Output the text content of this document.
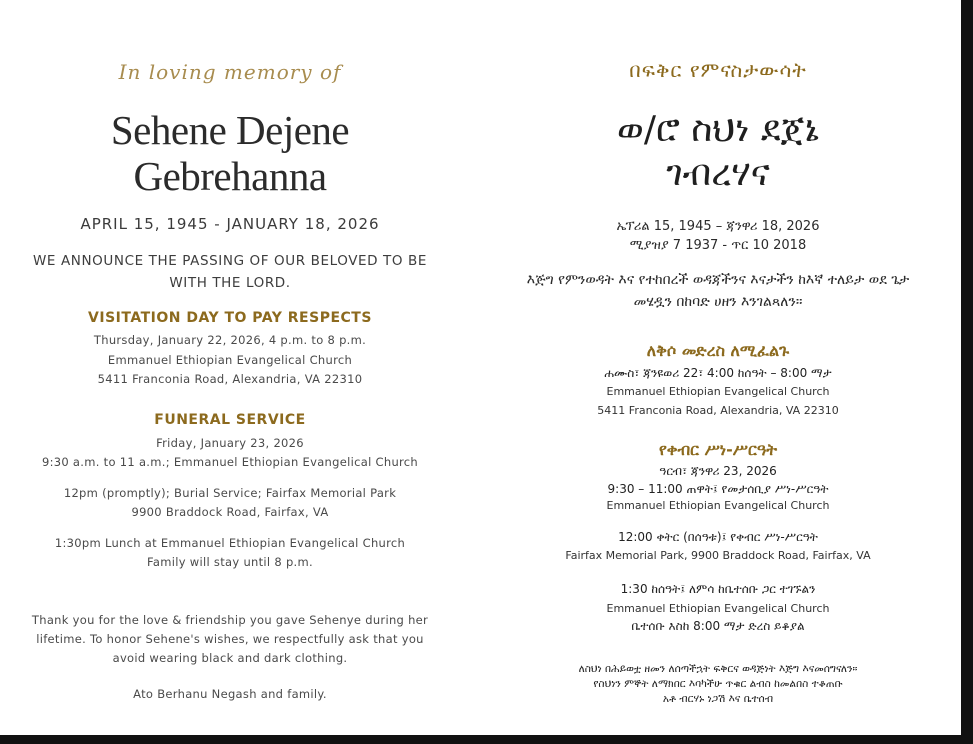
In loving memory of
Sehene Dejene
Gebrehanna
APRIL 15, 1945 - JANUARY 18, 2026
WE ANNOUNCE THE PASSING OF OUR BELOVED TO BE WITH THE LORD.
VISITATION DAY TO PAY RESPECTS
Thursday, January 22, 2026, 4 p.m. to 8 p.m.
Emmanuel Ethiopian Evangelical Church
5411 Franconia Road, Alexandria, VA 22310
FUNERAL SERVICE
Friday, January 23, 2026
9:30 a.m. to 11 a.m.; Emmanuel Ethiopian Evangelical Church
12pm (promptly); Burial Service; Fairfax Memorial Park
9900 Braddock Road, Fairfax, VA
1:30pm Lunch at Emmanuel Ethiopian Evangelical Church
Family will stay until 8 p.m.
Thank you for the love & friendship you gave Sehenye during her lifetime. To honor Sehene's wishes, we respectfully ask that you avoid wearing black and dark clothing.
Ato Berhanu Negash and family.
በፍቅር የምናስታውሳት
ወ/ሮ ስህነ ደጀኔ
ገብረሃና
ኤፕሪል 15, 1945 – ጃንዋሪ 18, 2026
ሚያዝያ 7 1937 - ጥር 10 2018
እጅግ የምንወዳት እና የተከበረች ወዳጃችንና እናታችን ከእኛ ተለይታ ወደ ጌታ መሄዷን በከባድ ሀዘን እንገልጻለን።
ለቅሶ መድረስ ለሚፈልጉ
ሐሙስ፣ ጃንዩወሪ 22፣ 4:00 ከሰዓት – 8:00 ማታ
Emmanuel Ethiopian Evangelical Church
5411 Franconia Road, Alexandria, VA 22310
የቀብር ሥነ-ሥርዓት
ዓርብ፣ ጃንዋሪ 23, 2026
9:30 – 11:00 ጠዋት፤ የመታሰቢያ ሥነ-ሥርዓት
Emmanuel Ethiopian Evangelical Church
12:00 ቀትር (በሰዓቱ)፤ የቀብር ሥነ-ሥርዓት
Fairfax Memorial Park, 9900 Braddock Road, Fairfax, VA
1:30 ከሰዓት፤ ለምሳ ከቤተሰቡ ጋር ተገኙልን
Emmanuel Ethiopian Evangelical Church
ቤተሰቡ እስከ 8:00 ማታ ድረስ ይቆያል
ለስህነ በሕይወቷ ዘመን ለሰጣችኋት ፍቅርና ወዳጅነት እጅግ እናመሰግናለን።
የስህነን ምኞት ለማክበር እባካችሁ ጥቁር ልብስ ከመልበስ ተቆጠቡ
አቶ ብርሃኑ ነጋሽ እና ቤተሰብ
